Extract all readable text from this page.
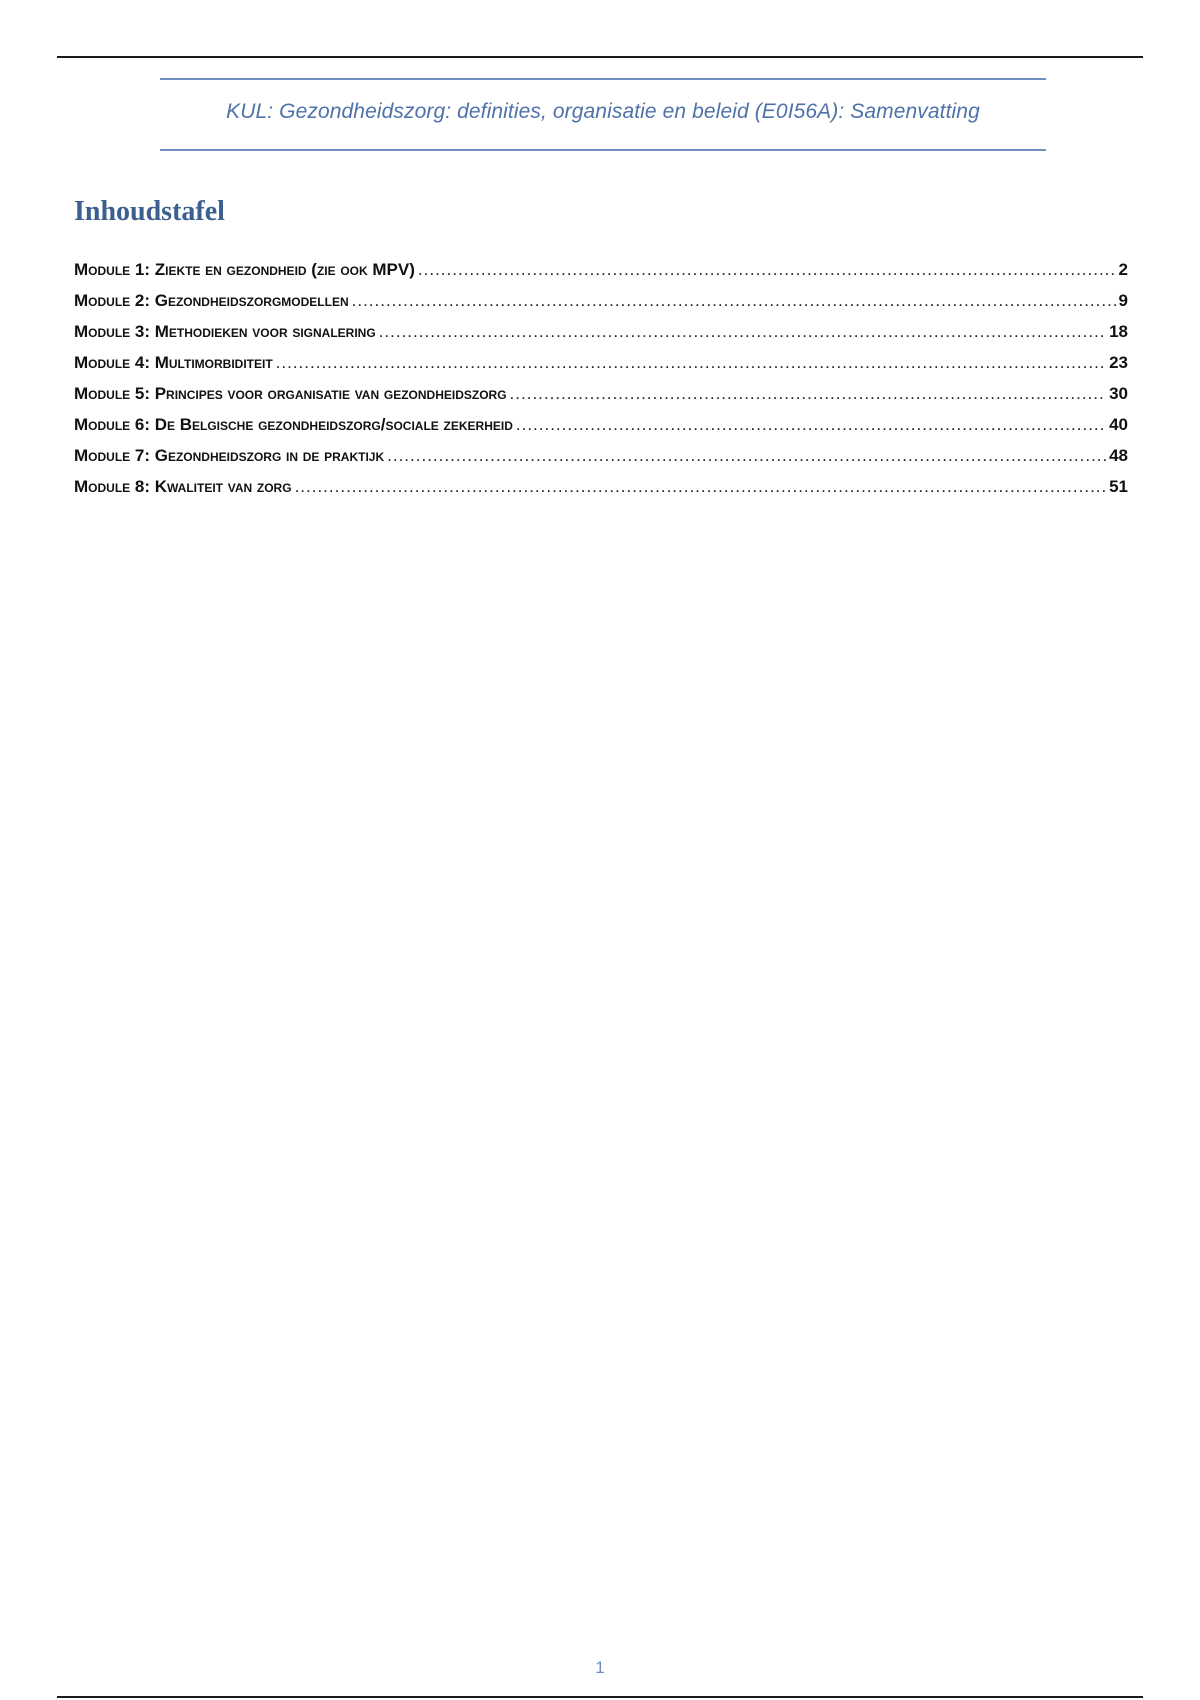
KUL: Gezondheidszorg: definities, organisatie en beleid (E0I56A): Samenvatting
Inhoudstafel
Module 1: Ziekte en gezondheid (zie ook MPV) .....	2
Module 2: Gezondheidszorgmodellen .....	9
Module 3: Methodieken voor signalering .....	18
Module 4: Multimorbiditeit .....	23
Module 5: Principes voor organisatie van gezondheidszorg .....	30
Module 6: De Belgische gezondheidszorg/sociale zekerheid .....	40
Module 7: Gezondheidszorg in de praktijk .....	48
Module 8: Kwaliteit van zorg .....	51
1
